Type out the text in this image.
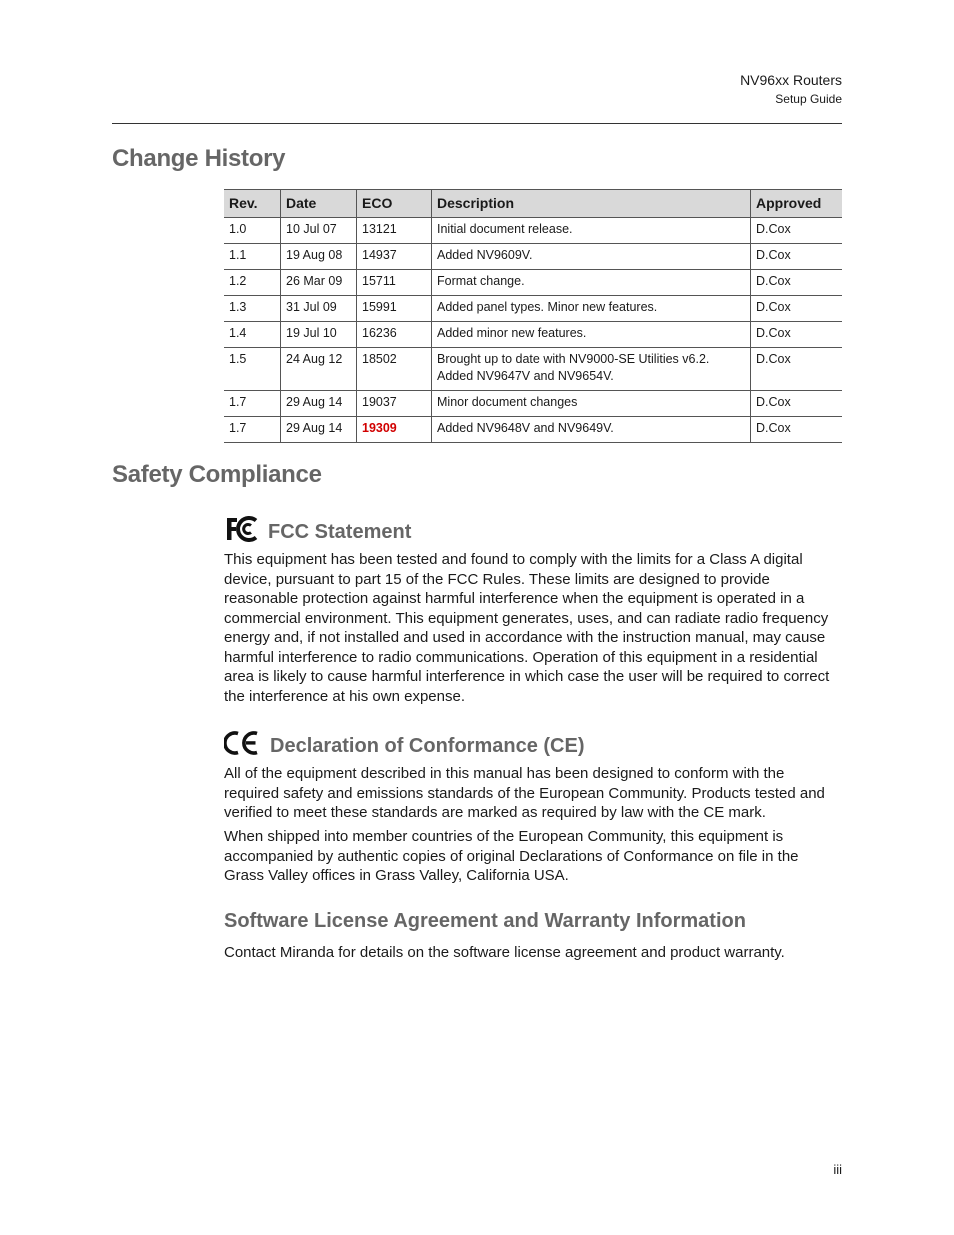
NV96xx Routers
Setup Guide
Change History
Rev.	Date	ECO	Description	Approved
1.0	10 Jul 07	13121	Initial document release.	D.Cox
1.1	19 Aug 08	14937	Added NV9609V.	D.Cox
1.2	26 Mar 09	15711	Format change.	D.Cox
1.3	31 Jul 09	15991	Added panel types. Minor new features.	D.Cox
1.4	19 Jul 10	16236	Added minor new features.	D.Cox
1.5	24 Aug 12	18502	Brought up to date with NV9000-SE Utilities v6.2.
Added NV9647V and NV9654V.	D.Cox
1.7	29 Aug 14	19037	Minor document changes	D.Cox
1.7	29 Aug 14	19309	Added NV9648V and NV9649V.	D.Cox
Safety Compliance
FCC Statement

This equipment has been tested and found to comply with the limits for a Class A digital device, pursuant to part 15 of the FCC Rules. These limits are designed to provide reasonable protection against harmful interference when the equipment is operated in a commercial environment. This equipment generates, uses, and can radiate radio frequency energy and, if not installed and used in accordance with the instruction manual, may cause harmful interference to radio communications. Operation of this equipment in a residential area is likely to cause harmful interference in which case the user will be required to correct the interference at his own expense.

Declaration of Conformance (CE)

All of the equipment described in this manual has been designed to conform with the required safety and emissions standards of the European Community. Products tested and verified to meet these standards are marked as required by law with the CE mark.

When shipped into member countries of the European Community, this equipment is accompanied by authentic copies of original Declarations of Conformance on file in the Grass Valley offices in Grass Valley, California USA.

Software License Agreement and Warranty Information

Contact Miranda for details on the software license agreement and product warranty.

iii
